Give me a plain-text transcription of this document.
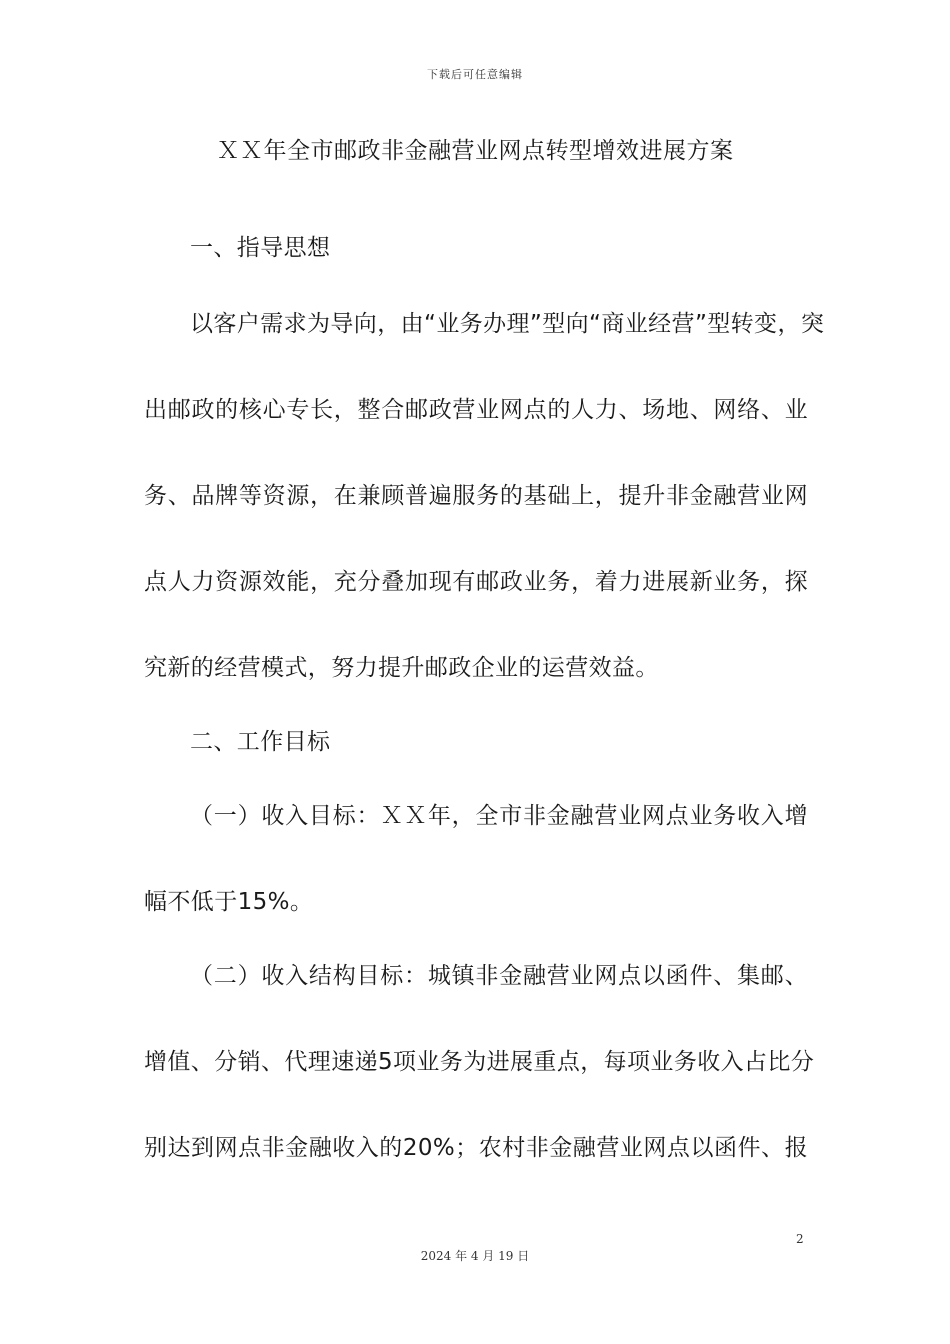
下载后可任意编辑
ＸＸ年全市邮政非金融营业网点转型增效进展方案
一、指导思想
以客户需求为导向，由“业务办理”型向“商业经营”型转变，突
出邮政的核心专长，整合邮政营业网点的人力、场地、网络、业
务、品牌等资源，在兼顾普遍服务的基础上，提升非金融营业网
点人力资源效能，充分叠加现有邮政业务，着力进展新业务，探
究新的经营模式，努力提升邮政企业的运营效益。
二、工作目标
（一）收入目标：ＸＸ年，全市非金融营业网点业务收入增
幅不低于15%。
（二）收入结构目标：城镇非金融营业网点以函件、集邮、
增值、分销、代理速递5项业务为进展重点，每项业务收入占比分
别达到网点非金融收入的20%；农村非金融营业网点以函件、报
2
2024 年 4 月 19 日
